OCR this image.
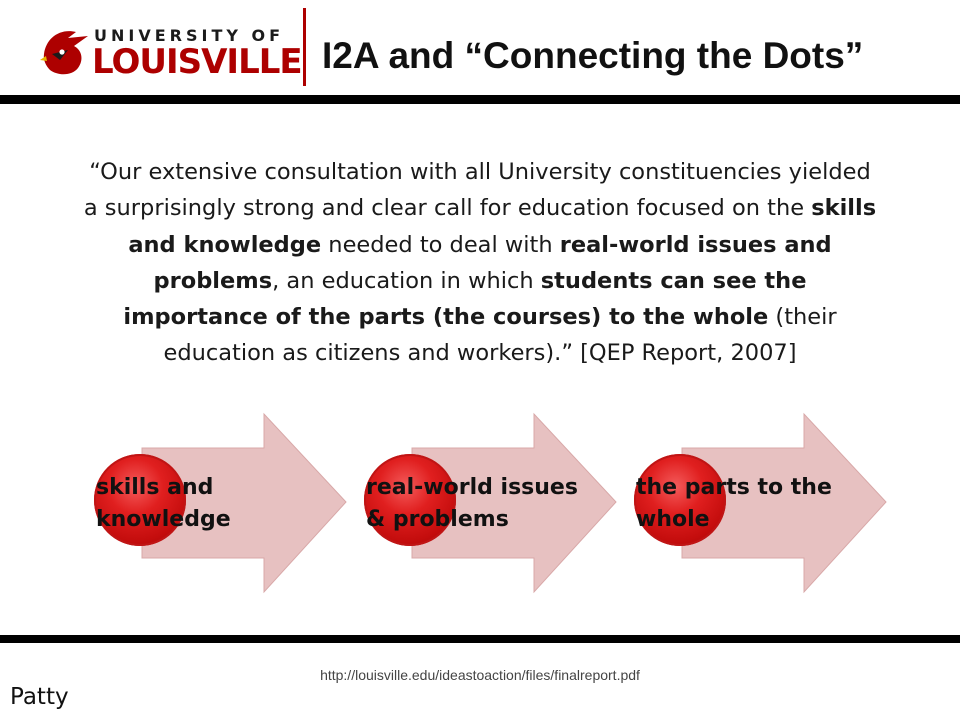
UNIVERSITY OF
LOUISVILLE I2A and “Connecting the Dots”

“Our extensive consultation with all University constituencies yielded a surprisingly strong and clear call for education focused on the skills and knowledge needed to deal with real-world issues and problems, an education in which students can see the importance of the parts (the courses) to the whole (their education as citizens and workers).” [QEP Report, 2007]

skills and
knowledge
real-world issues
& problems
the parts to the
whole
http://louisville.edu/ideastoaction/files/finalreport.pdf
Patty
